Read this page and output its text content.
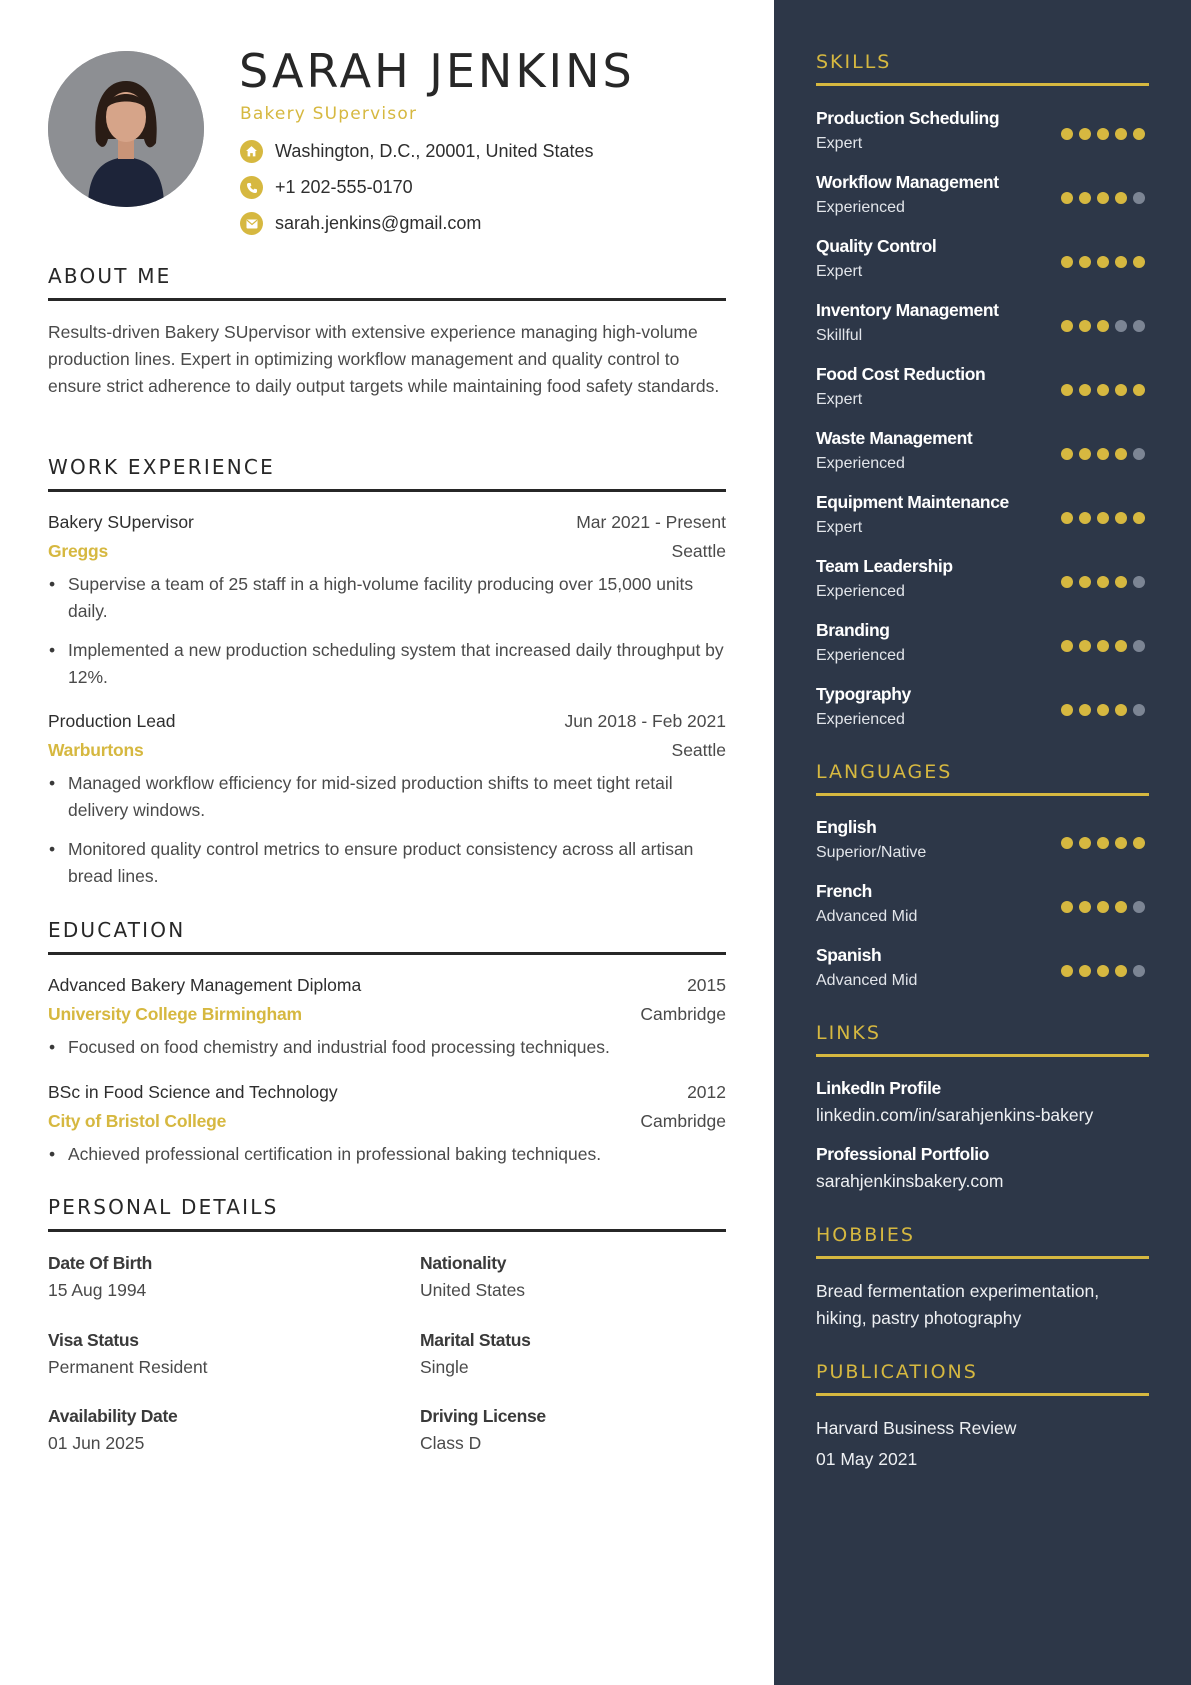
SARAH JENKINS
Bakery SUpervisor
Washington, D.C., 20001, United States
+1 202-555-0170
sarah.jenkins@gmail.com
ABOUT ME
Results-driven Bakery SUpervisor with extensive experience managing high-volume production lines. Expert in optimizing workflow management and quality control to ensure strict adherence to daily output targets while maintaining food safety standards.
WORK EXPERIENCE
Bakery SUpervisor	Mar 2021 - Present
Greggs	Seattle
• Supervise a team of 25 staff in a high-volume facility producing over 15,000 units daily.
• Implemented a new production scheduling system that increased daily throughput by 12%.
Production Lead	Jun 2018 - Feb 2021
Warburtons	Seattle
• Managed workflow efficiency for mid-sized production shifts to meet tight retail delivery windows.
• Monitored quality control metrics to ensure product consistency across all artisan bread lines.
EDUCATION
Advanced Bakery Management Diploma	2015
University College Birmingham	Cambridge
• Focused on food chemistry and industrial food processing techniques.
BSc in Food Science and Technology	2012
City of Bristol College	Cambridge
• Achieved professional certification in professional baking techniques.
PERSONAL DETAILS
Date Of Birth
15 Aug 1994
Nationality
United States
Visa Status
Permanent Resident
Marital Status
Single
Availability Date
01 Jun 2025
Driving License
Class D
SKILLS
Production Scheduling
Expert
Workflow Management
Experienced
Quality Control
Expert
Inventory Management
Skillful
Food Cost Reduction
Expert
Waste Management
Experienced
Equipment Maintenance
Expert
Team Leadership
Experienced
Branding
Experienced
Typography
Experienced
LANGUAGES
English
Superior/Native
French
Advanced Mid
Spanish
Advanced Mid
LINKS
LinkedIn Profile
linkedin.com/in/sarahjenkins-bakery
Professional Portfolio
sarahjenkinsbakery.com
HOBBIES
Bread fermentation experimentation, hiking, pastry photography
PUBLICATIONS
Harvard Business Review
01 May 2021
